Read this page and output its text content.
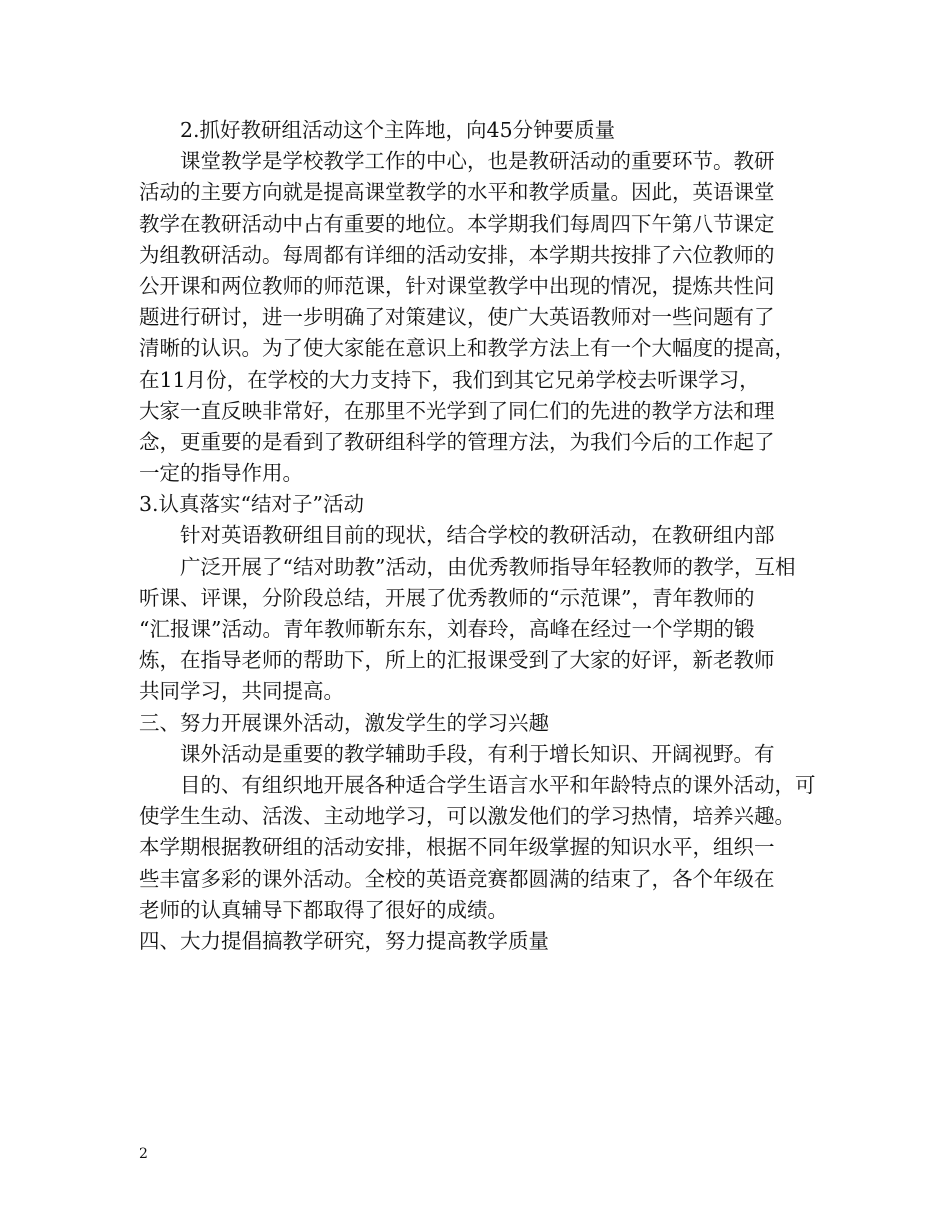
2.抓好教研组活动这个主阵地，向45分钟要质量
课堂教学是学校教学工作的中心，也是教研活动的重要环节。教研
活动的主要方向就是提高课堂教学的水平和教学质量。因此，英语课堂
教学在教研活动中占有重要的地位。本学期我们每周四下午第八节课定
为组教研活动。每周都有详细的活动安排，本学期共按排了六位教师的
公开课和两位教师的师范课，针对课堂教学中出现的情况，提炼共性问
题进行研讨，进一步明确了对策建议，使广大英语教师对一些问题有了
清晰的认识。为了使大家能在意识上和教学方法上有一个大幅度的提高，
在11月份，在学校的大力支持下，我们到其它兄弟学校去听课学习，
大家一直反映非常好，在那里不光学到了同仁们的先进的教学方法和理
念，更重要的是看到了教研组科学的管理方法，为我们今后的工作起了
一定的指导作用。
3.认真落实“结对子”活动
针对英语教研组目前的现状，结合学校的教研活动，在教研组内部
广泛开展了“结对助教”活动，由优秀教师指导年轻教师的教学，互相
听课、评课，分阶段总结，开展了优秀教师的“示范课”，青年教师的
“汇报课”活动。青年教师靳东东，刘春玲，高峰在经过一个学期的锻
炼，在指导老师的帮助下，所上的汇报课受到了大家的好评，新老教师
共同学习，共同提高。
三、努力开展课外活动，激发学生的学习兴趣
课外活动是重要的教学辅助手段，有利于增长知识、开阔视野。有
目的、有组织地开展各种适合学生语言水平和年龄特点的课外活动，可
使学生生动、活泼、主动地学习，可以激发他们的学习热情，培养兴趣。
本学期根据教研组的活动安排，根据不同年级掌握的知识水平，组织一
些丰富多彩的课外活动。全校的英语竞赛都圆满的结束了，各个年级在
老师的认真辅导下都取得了很好的成绩。
四、大力提倡搞教学研究，努力提高教学质量
2
